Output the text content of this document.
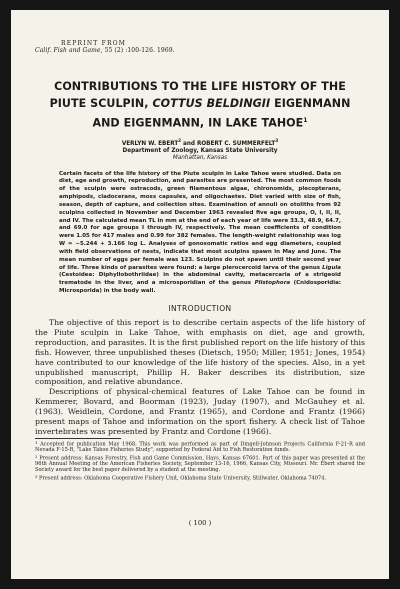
REPRINT FROM
Calif. Fish and Game, 55 (2) :100-126. 1969.
CONTRIBUTIONS TO THE LIFE HISTORY OF THE PIUTE SCULPIN, COTTUS BELDINGII EIGENMANN AND EIGENMANN, IN LAKE TAHOE$^1$
VERLYN W. EBERT$^2$ and ROBERT C. SUMMERFELT$^3$
Department of Zoology, Kansas State University
Manhattan, Kansas
Certain facets of the life history of the Piute sculpin in Lake Tahoe were studied. Data on diet, age and growth, reproduction, and parasites are presented. The most common foods of the sculpin were ostracods, green filamentous algae, chironomids, plecopterans, amphipods, cladocerans, moss capsules, and oligochaetes. Diet varied with size of fish, season, depth of capture, and collection sites. Examination of annuli on otoliths from 92 sculpins collected in November and December 1963 revealed five age groups, O, I, II, II, and IV. The calculated mean TL in mm at the end of each year of life were 33.3, 48.9, 64.7, and 69.0 for age groups I through IV, respectively. The mean coefficients of condition were 1.05 for 417 males and 0.99 for 382 females. The length-weight relationship was log W = −5.244 + 3.166 log L. Analyses of gonosomatic ratios and egg diameters, coupled with field observations of nests, indicate that most sculpins spawn in May and June. The mean number of eggs per female was 123. Sculpins do not spawn until their second year of life. Three kinds of parasites were found: a large plerocercoid larva of the genus Ligula (Cestoidea: Diphyllobothriidae) in the abdominal cavity, metacercaria of a strigeoid trematode in the liver, and a microsporidian of the genus Plistophora (Cnidosporidia: Microsporida) in the body wall.
INTRODUCTION

The objective of this report is to describe certain aspects of the life history of the Piute sculpin in Lake Tahoe, with emphasis on diet, age and growth, reproduction, and parasites. It is the first published report on the life history of this fish. However, three unpublished theses (Dietsch, 1950; Miller, 1951; Jones, 1954) have contributed to our knowledge of the life history of the species. Also, in a yet unpublished manuscript, Phillip H. Baker describes its distribution, size composition, and relative abundance.

Descriptions of physical-chemical features of Lake Tahoe can be found in Kemmerer, Bovard, and Boorman (1923), Juday (1907), and McGauhey et al. (1963). Weidlein, Cordone, and Frantz (1965), and Cordone and Frantz (1966) present maps of Tahoe and information on the sport fishery. A check list of Tahoe invertebrates was presented by Frantz and Cordone (1966).

$^1$ Accepted for publication May 1968. This work was performed as part of Dingell-Johnson Projects California F-21-R and Nevada F-15-R, "Lake Tahoe Fisheries Study", supported by Federal Aid to Fish Restoration funds.

$^2$ Present address: Kansas Forestry, Fish and Game Commission, Hays, Kansas 67601. Part of this paper was presented at the 96th Annual Meeting of the American Fisheries Society, September 13-16, 1966, Kansas City, Missouri. Mr. Ebert shared the Society award for the best paper delivered by a student at the meeting.

$^3$ Present address: Oklahoma Cooperative Fishery Unit, Oklahoma State University, Stillwater, Oklahoma 74074.

( 100 )
